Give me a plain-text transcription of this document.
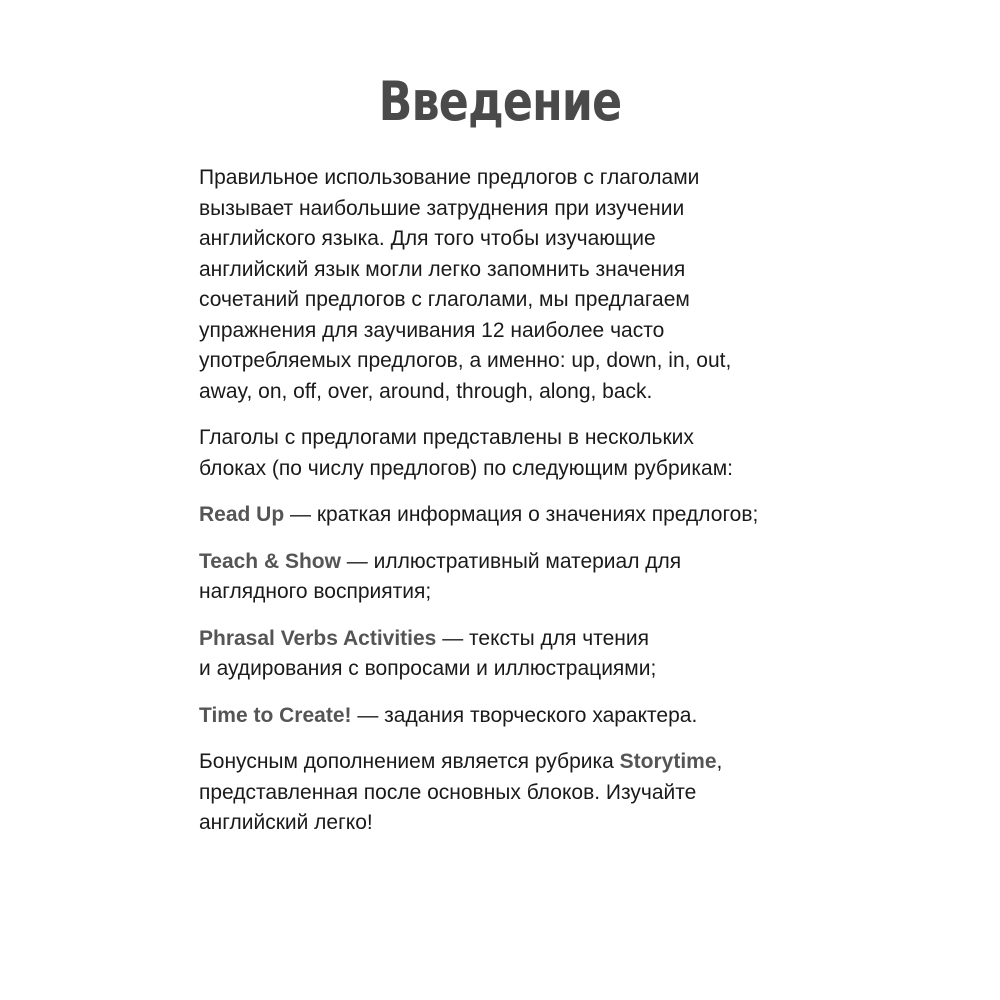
Введение

Правильное использование предлогов с глаголами
вызывает наибольшие затруднения при изучении
английского языка. Для того чтобы изучающие
английский язык могли легко запомнить значения
сочетаний предлогов с глаголами, мы предлагаем
упражнения для заучивания 12 наиболее часто
употребляемых предлогов, а именно: up, down, in, out,
away, on, off, over, around, through, along, back.

Глаголы с предлогами представлены в нескольких
блоках (по числу предлогов) по следующим рубрикам:

Read Up — краткая информация о значениях предлогов;

Teach & Show — иллюстративный материал для
наглядного восприятия;

Phrasal Verbs Activities — тексты для чтения
и аудирования с вопросами и иллюстрациями;

Time to Create! — задания творческого характера.

Бонусным дополнением является рубрика Storytime,
представленная после основных блоков. Изучайте
английский легко!
